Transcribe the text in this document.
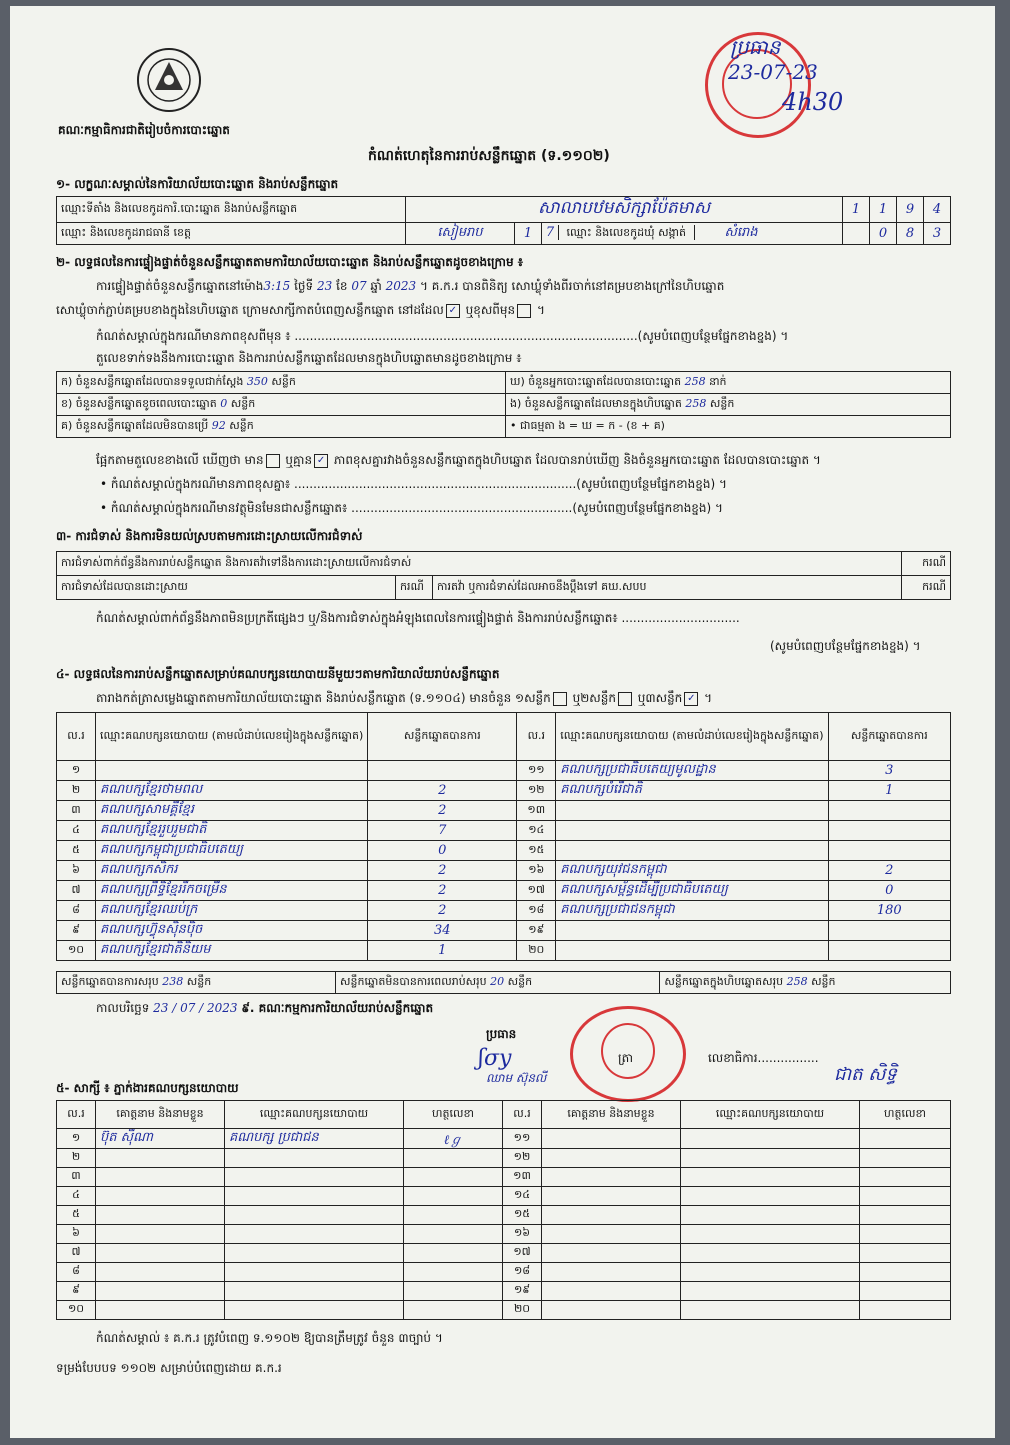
គណៈកម្មាធិការជាតិរៀបចំការបោះឆ្នោត
ប្រធាន
23-07-23
4h30
កំណត់ហេតុនៃការរាប់សន្លឹកឆ្នោត (ទ.១១០២)
១- លក្ខណៈសម្គាល់នៃការិយាល័យបោះឆ្នោត និងរាប់សន្លឹកឆ្នោត
ឈ្មោះទីតាំង និងលេខកូដការិ.បោះឆ្នោត និងរាប់សន្លឹកឆ្នោត	សាលាបឋមសិក្សាប៉ែតមាស			1	1	9	4
ឈ្មោះ និងលេខកូដរាជធានី ខេត្ត	សៀមរាប	1	7 ឈ្មោះ និងលេខកូដឃុំ សង្កាត់ សំរោង		0	8	3
២- លទ្ធផលនៃការផ្ទៀងផ្ទាត់ចំនួនសន្លឹកឆ្នោតតាមការិយាល័យបោះឆ្នោត និងរាប់សន្លឹកឆ្នោតដូចខាងក្រោម ៖
ការផ្ទៀងផ្ទាត់ចំនួនសន្លឹកឆ្នោតនៅម៉ោង3:15 ថ្ងៃទី 23 ខែ 07 ឆ្នាំ 2023 ។ គ.ក.រ បានពិនិត្យ សោឃ្លុំទាំងពីរចាក់នៅគម្របខាងក្រៅនៃហិបឆ្នោត
សោឃ្លុំចាក់ភ្ជាប់គម្របខាងក្នុងនៃហិបឆ្នោត ក្រោមសាក្សីកាតបំពេញសន្លឹកឆ្នោត នៅដដែល ✓ ឬខុសពីមុន ។
កំណត់សម្គាល់ក្នុងករណីមានភាពខុសពីមុន ៖ ..........................................................................................(សូមបំពេញបន្ថែមផ្នែកខាងខ្នង) ។
តួលេខទាក់ទងនឹងការបោះឆ្នោត និងការរាប់សន្លឹកឆ្នោតដែលមានក្នុងហិបឆ្នោតមានដូចខាងក្រោម ៖
ក) ចំនួនសន្លឹកឆ្នោតដែលបានទទួលជាក់ស្តែង 350 សន្លឹក	ឃ) ចំនួនអ្នកបោះឆ្នោតដែលបានបោះឆ្នោត 258 នាក់
ខ) ចំនួនសន្លឹកឆ្នោតខូចពេលបោះឆ្នោត 0 សន្លឹក	ង) ចំនួនសន្លឹកឆ្នោតដែលមានក្នុងហិបឆ្នោត 258 សន្លឹក
គ) ចំនួនសន្លឹកឆ្នោតដែលមិនបានប្រើ 92 សន្លឹក	• ជាធម្មតា ង = ឃ = ក - (ខ + គ)
ផ្អែកតាមតួលេខខាងលើ ឃើញថា មាន ឬគ្មាន ✓ ភាពខុសគ្នារវាងចំនួនសន្លឹកឆ្នោតក្នុងហិបឆ្នោត ដែលបានរាប់ឃើញ និងចំនួនអ្នកបោះឆ្នោត ដែលបានបោះឆ្នោត ។
• កំណត់សម្គាល់ក្នុងករណីមានភាពខុសគ្នា៖ ..........................................................................(សូមបំពេញបន្ថែមផ្នែកខាងខ្នង) ។
• កំណត់សម្គាល់ក្នុងករណីមានវត្ថុមិនមែនជាសន្លឹកឆ្នោត៖ ..........................................................(សូមបំពេញបន្ថែមផ្នែកខាងខ្នង) ។
៣- ការជំទាស់ និងការមិនយល់ស្របតាមការដោះស្រាយលើការជំទាស់
ការជំទាស់ពាក់ព័ន្ធនឹងការរាប់សន្លឹកឆ្នោត និងការតវ៉ាទៅនឹងការដោះស្រាយលើការជំទាស់			ករណី
ការជំទាស់ដែលបានដោះស្រាយ	ករណី	ការតវ៉ា ឬការជំទាស់ដែលអាចនឹងប្តឹងទៅ គឃ.សបប	ករណី
កំណត់សម្គាល់ពាក់ព័ន្ធនឹងភាពមិនប្រក្រតីផ្សេងៗ ឬ/និងការជំទាស់ក្នុងអំឡុងពេលនៃការផ្ទៀងផ្ទាត់ និងការរាប់សន្លឹកឆ្នោត៖ ...............................
(សូមបំពេញបន្ថែមផ្នែកខាងខ្នង) ។
៤- លទ្ធផលនៃការរាប់សន្លឹកឆ្នោតសម្រាប់គណបក្សនយោបាយនីមួយៗតាមការិយាល័យរាប់សន្លឹកឆ្នោត
តារាងកត់ត្រាសម្លេងឆ្នោតតាមការិយាល័យបោះឆ្នោត និងរាប់សន្លឹកឆ្នោត (ទ.១១០៤) មានចំនួន ១សន្លឹក ឬ២សន្លឹក ឬ៣សន្លឹក ✓ ។
ល.រ	ឈ្មោះគណបក្សនយោបាយ (តាមលំដាប់លេខរៀងក្នុងសន្លឹកឆ្នោត)	សន្លឹកឆ្នោតបានការ	ល.រ	ឈ្មោះគណបក្សនយោបាយ (តាមលំដាប់លេខរៀងក្នុងសន្លឹកឆ្នោត)	សន្លឹកឆ្នោតបានការ
១			១១	គណបក្សប្រជាធិបតេយ្យមូលដ្ឋាន	3
២	គណបក្សខ្មែរថាមពល	2	១២	គណបក្សបំរើជាតិ	1
៣	គណបក្សសាមគ្គីខ្មែរ	2	១៣		
៤	គណបក្សខ្មែររួបរួមជាតិ	7	១៤		
៥	គណបក្សកម្ពុជាប្រជាធិបតេយ្យ	0	១៥		
៦	គណបក្សកសិករ	2	១៦	គណបក្សយុវជនកម្ពុជា	2
៧	គណបក្សព្រឹទ្ធិខ្មែររីកចម្រើន	2	១៧	គណបក្សសម្ព័ន្ធដើម្បីប្រជាធិបតេយ្យ	0
៨	គណបក្សខ្មែរឈប់ក្រ	2	១៨	គណបក្សប្រជាជនកម្ពុជា	180
៩	គណបក្សហ៊្វុនស៊ិនប៉ិច	34	១៩		
១០	គណបក្សខ្មែរជាតិនិយម	1	២០		
សន្លឹកឆ្នោតបានការសរុប 238 សន្លឹក	សន្លឹកឆ្នោតមិនបានការពេលរាប់សរុប 20 សន្លឹក	សន្លឹកឆ្នោតក្នុងហិបឆ្នោតសរុប 258 សន្លឹក
កាលបរិច្ឆេទ 23 / 07 / 2023 ៩. គណៈកម្មការការិយាល័យរាប់សន្លឹកឆ្នោត
ប្រធាន
ʃσy
ឈាម ស៊ុនលី
ត្រា	លេខាធិការ................
ជាត សិទ្ធិ
៥- សាក្សី ៖ ភ្នាក់ងារគណបក្សនយោបាយ
ល.រ	គោត្តនាម និងនាមខ្លួន	ឈ្មោះគណបក្សនយោបាយ	ហត្ថលេខា	ល.រ	គោត្តនាម និងនាមខ្លួន	ឈ្មោះគណបក្សនយោបាយ	ហត្ថលេខា
១	ប៊ុត ស៊ីណា	គណបក្ស ប្រជាជន	ℓℊ	១១			
២				១២			
៣				១៣			
៤				១៤			
៥				១៥			
៦				១៦			
៧				១៧			
៨				១៨			
៩				១៩			
១០				២០			
កំណត់សម្គាល់ ៖ គ.ក.រ ត្រូវបំពេញ ទ.១១០២ ឱ្យបានត្រឹមត្រូវ ចំនួន ៣ច្បាប់ ។
ទម្រង់បែបបទ ១១០២ សម្រាប់បំពេញដោយ គ.ក.រ
